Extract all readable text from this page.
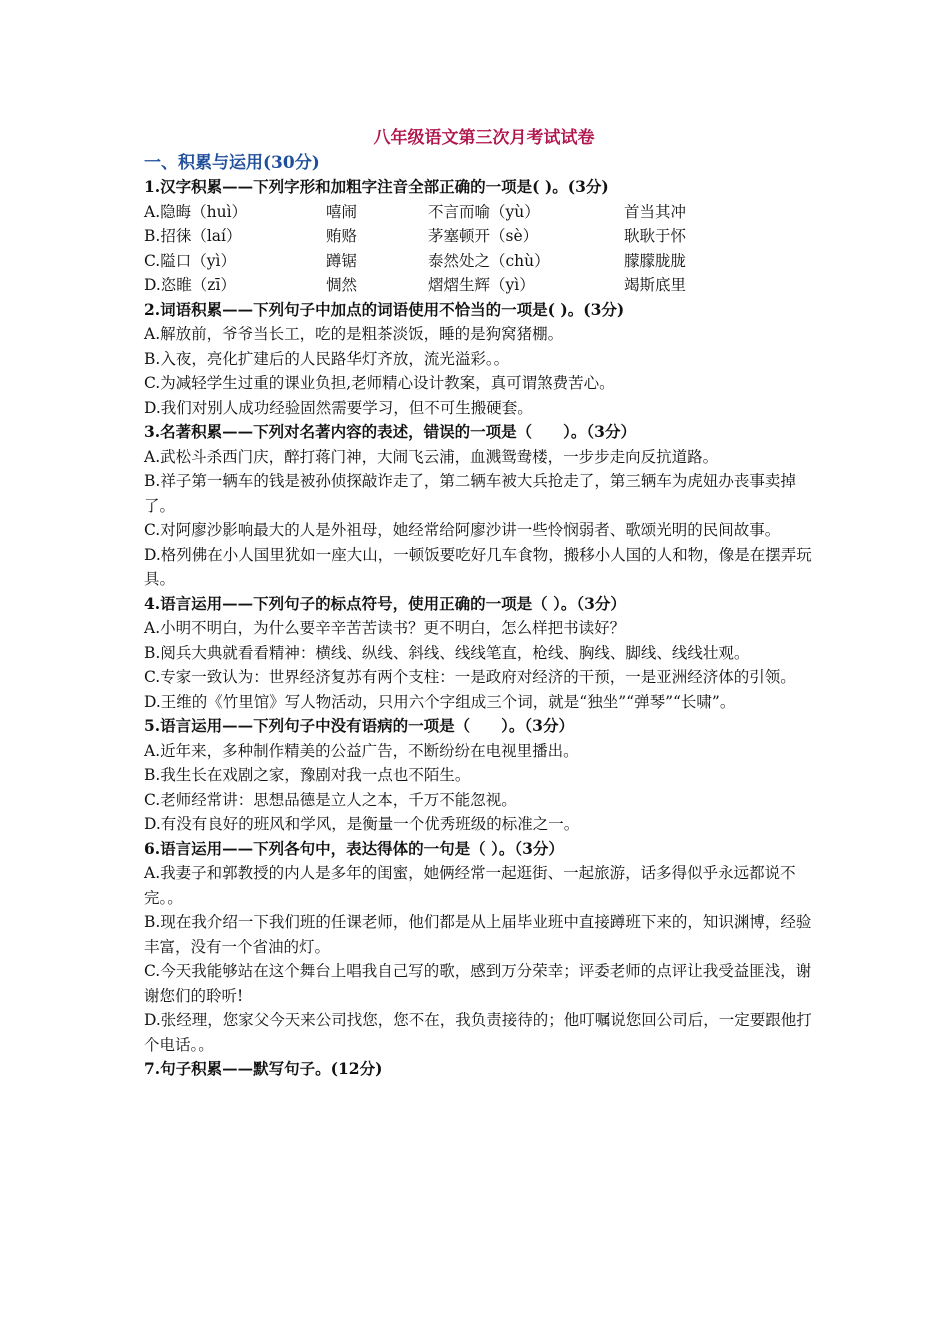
八年级语文第三次月考试试卷

一、积累与运用(30分)

1.汉字积累——下列字形和加粗字注音全部正确的一项是( )。(3分)

A.隐晦（huì）	嘻闹	不言而喻（yù）	首当其冲
B.招徕（laí）	贿赂	茅塞顿开（sè）	耿耿于怀
C.隘口（yì）	蹲锯	泰然处之（chù）	朦朦胧胧
D.恣睢（zī）	惆然	熠熠生辉（yì）	竭斯底里

2.词语积累——下列句子中加点的词语使用不恰当的一项是( )。(3分)

A.解放前，爷爷当长工，吃的是粗茶淡饭，睡的是狗窝猪棚。

B.入夜，亮化扩建后的人民路华灯齐放，流光溢彩。。

C.为减轻学生过重的课业负担,老师精心设计教案，真可谓煞费苦心。

D.我们对别人成功经验固然需要学习，但不可生搬硬套。

3.名著积累——下列对名著内容的表述，错误的一项是（　　）。（3分）

A.武松斗杀西门庆，醉打蒋门神，大闹飞云浦，血溅鸳鸯楼，一步步走向反抗道路。

B.祥子第一辆车的钱是被孙侦探敲诈走了，第二辆车被大兵抢走了，第三辆车为虎妞办丧事卖掉了。

C.对阿廖沙影响最大的人是外祖母，她经常给阿廖沙讲一些怜悯弱者、歌颂光明的民间故事。

D.格列佛在小人国里犹如一座大山，一顿饭要吃好几车食物，搬移小人国的人和物，像是在摆弄玩具。

4.语言运用——下列句子的标点符号，使用正确的一项是（ ）。（3分）

A.小明不明白，为什么要辛辛苦苦读书？更不明白，怎么样把书读好？

B.阅兵大典就看看精神：横线、纵线、斜线、线线笔直，枪线、胸线、脚线、线线壮观。

C.专家一致认为：世界经济复苏有两个支柱：一是政府对经济的干预，一是亚洲经济体的引领。

D.王维的《竹里馆》写人物活动，只用六个字组成三个词，就是“独坐”“弹琴”“长啸”。

5.语言运用——下列句子中没有语病的一项是（　　）。（3分）

A.近年来，多种制作精美的公益广告，不断纷纷在电视里播出。

B.我生长在戏剧之家，豫剧对我一点也不陌生。

C.老师经常讲：思想品德是立人之本，千万不能忽视。

D.有没有良好的班风和学风，是衡量一个优秀班级的标准之一。

6.语言运用——下列各句中，表达得体的一句是（ ）。（3分）

A.我妻子和郭教授的内人是多年的闺蜜，她俩经常一起逛街、一起旅游，话多得似乎永远都说不完。。

B.现在我介绍一下我们班的任课老师，他们都是从上届毕业班中直接蹲班下来的，知识渊博，经验丰富，没有一个省油的灯。

C.今天我能够站在这个舞台上唱我自己写的歌，感到万分荣幸；评委老师的点评让我受益匪浅，谢谢您们的聆听!

D.张经理，您家父今天来公司找您，您不在，我负责接待的；他叮嘱说您回公司后，一定要跟他打个电话。。

7.句子积累——默写句子。(12分)
